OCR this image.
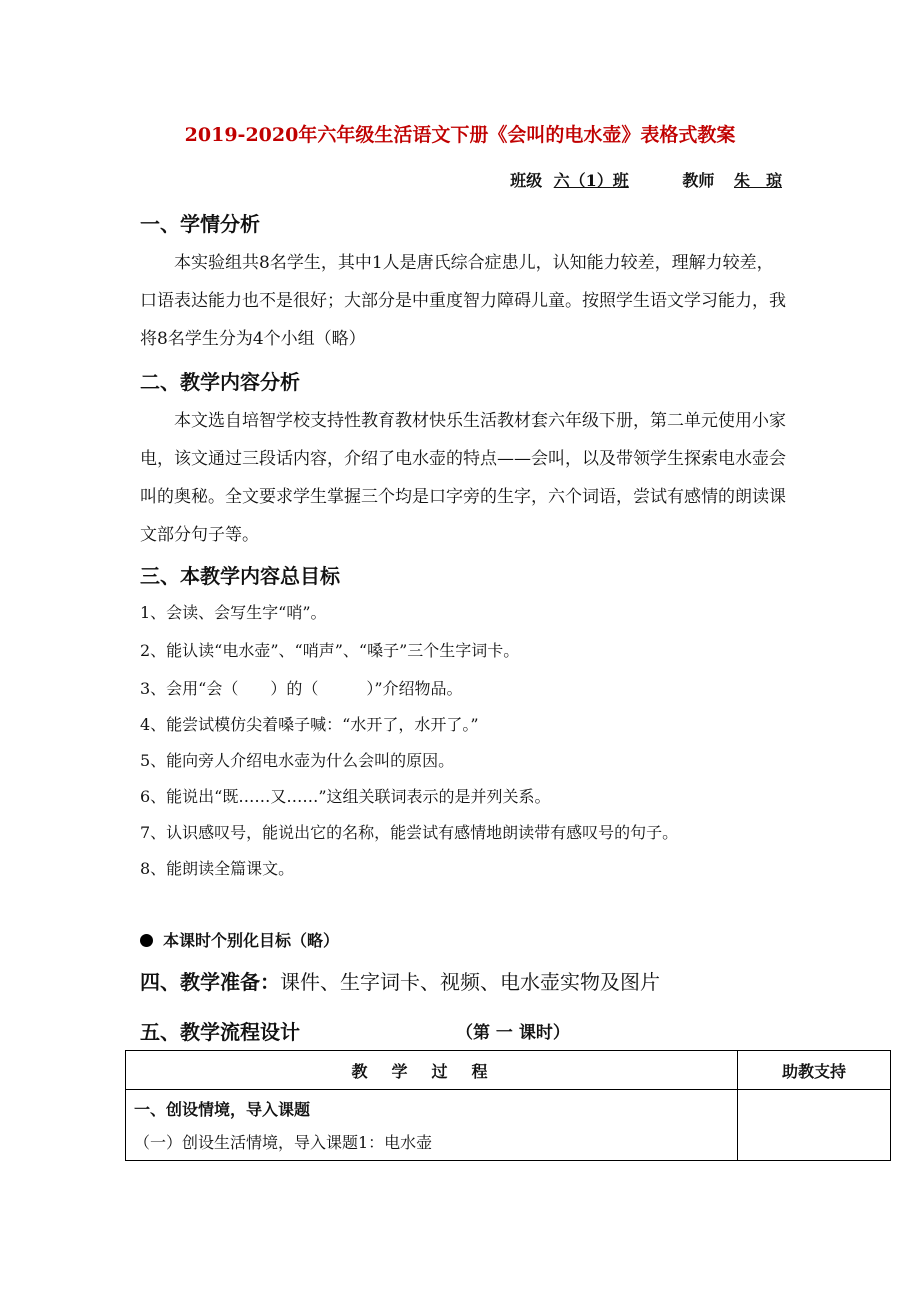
2019-2020年六年级生活语文下册《会叫的电水壶》表格式教案
班级 六（1）班	教师 朱　琼
一、学情分析
本实验组共8名学生，其中1人是唐氏综合症患儿，认知能力较差，理解力较差，口语表达能力也不是很好；大部分是中重度智力障碍儿童。按照学生语文学习能力，我将8名学生分为4个小组（略）
二、教学内容分析
本文选自培智学校支持性教育教材快乐生活教材套六年级下册，第二单元使用小家电，该文通过三段话内容，介绍了电水壶的特点——会叫，以及带领学生探索电水壶会叫的奥秘。全文要求学生掌握三个均是口字旁的生字，六个词语，尝试有感情的朗读课文部分句子等。
三、本教学内容总目标
1、会读、会写生字“哨”。
2、能认读“电水壶”、“哨声”、“嗓子”三个生字词卡。
3、会用“会（　　）的（　　　）”介绍物品。
4、能尝试模仿尖着嗓子喊：“水开了，水开了。”
5、能向旁人介绍电水壶为什么会叫的原因。
6、能说出“既……又……”这组关联词表示的是并列关系。
7、认识感叹号，能说出它的名称，能尝试有感情地朗读带有感叹号的句子。
8、能朗读全篇课文。
本课时个别化目标（略）
四、教学准备：课件、生字词卡、视频、电水壶实物及图片
五、教学流程设计	（第 一 课时）
教学过程	助教支持

一、创设情境，导入课题
（一）创设生活情境，导入课题1：电水壶	
